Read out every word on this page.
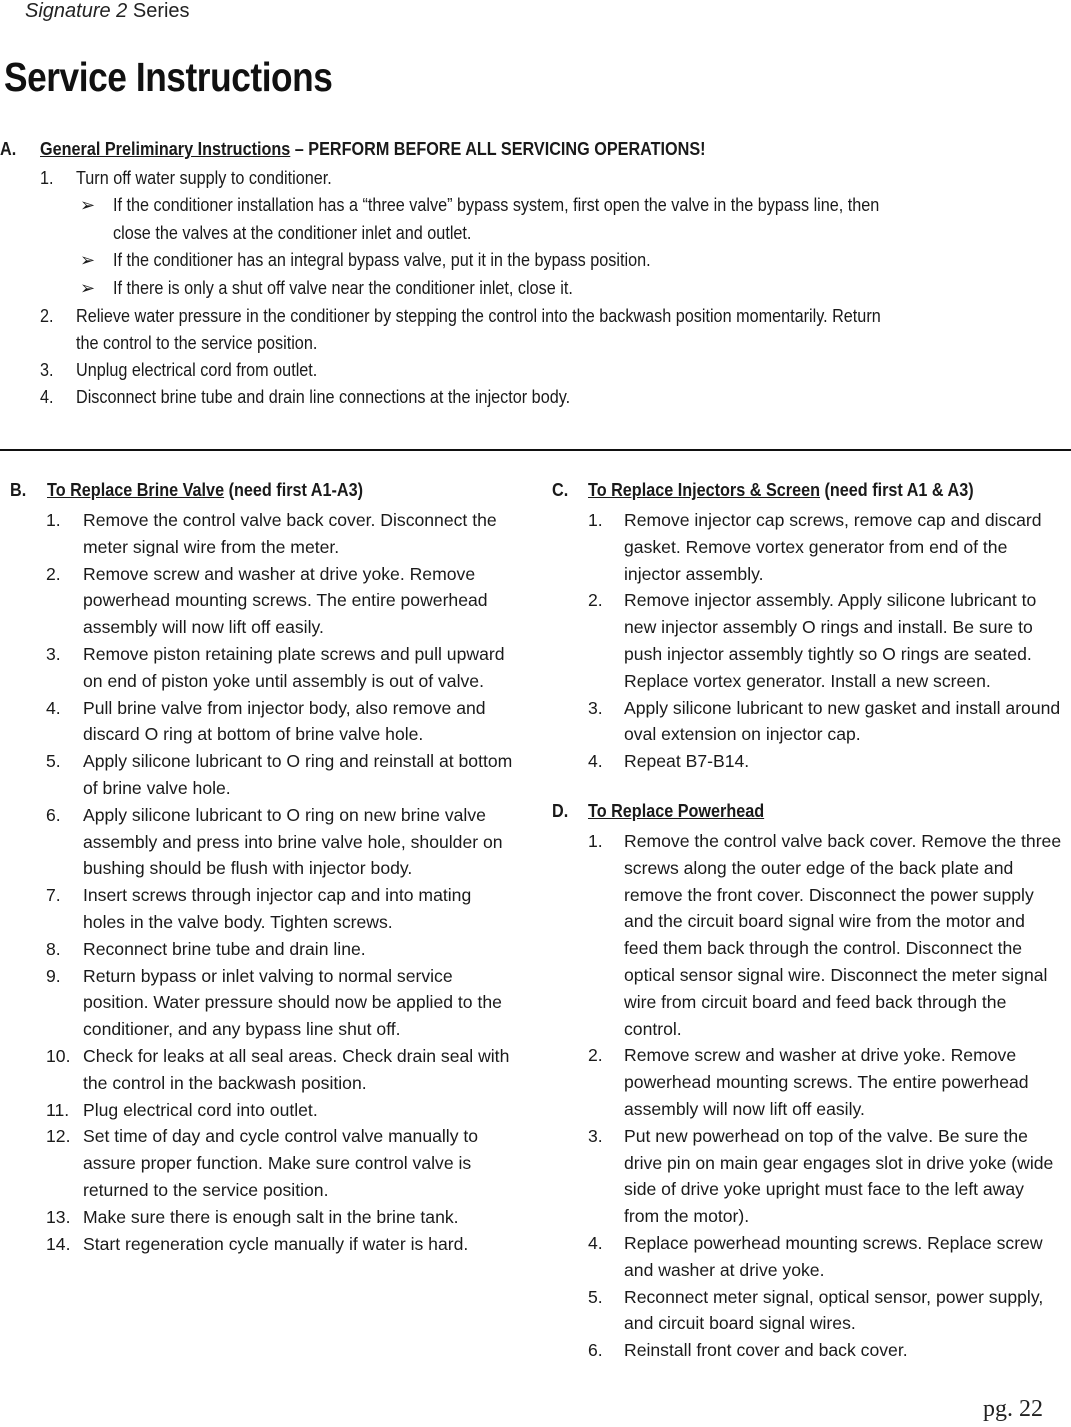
Signature 2 Series
Service Instructions
A. General Preliminary Instructions – PERFORM BEFORE ALL SERVICING OPERATIONS!
1. Turn off water supply to conditioner.
➢ If the conditioner installation has a “three valve” bypass system, first open the valve in the bypass line, then
close the valves at the conditioner inlet and outlet.
➢ If the conditioner has an integral bypass valve, put it in the bypass position.
➢ If there is only a shut off valve near the conditioner inlet, close it.
2. Relieve water pressure in the conditioner by stepping the control into the backwash position momentarily. Return
the control to the service position.
3. Unplug electrical cord from outlet.
4. Disconnect brine tube and drain line connections at the injector body.
B. To Replace Brine Valve (need first A1-A3)
1. Remove the control valve back cover. Disconnect the meter signal wire from the meter.
2. Remove screw and washer at drive yoke. Remove powerhead mounting screws. The entire powerhead assembly will now lift off easily.
3. Remove piston retaining plate screws and pull upward on end of piston yoke until assembly is out of valve.
4. Pull brine valve from injector body, also remove and discard O ring at bottom of brine valve hole.
5. Apply silicone lubricant to O ring and reinstall at bottom of brine valve hole.
6. Apply silicone lubricant to O ring on new brine valve assembly and press into brine valve hole, shoulder on bushing should be flush with injector body.
7. Insert screws through injector cap and into mating holes in the valve body. Tighten screws.
8. Reconnect brine tube and drain line.
9. Return bypass or inlet valving to normal service position. Water pressure should now be applied to the conditioner, and any bypass line shut off.
10. Check for leaks at all seal areas. Check drain seal with the control in the backwash position.
11. Plug electrical cord into outlet.
12. Set time of day and cycle control valve manually to assure proper function. Make sure control valve is returned to the service position.
13. Make sure there is enough salt in the brine tank.
14. Start regeneration cycle manually if water is hard.
C. To Replace Injectors & Screen (need first A1 & A3)
1. Remove injector cap screws, remove cap and discard gasket. Remove vortex generator from end of the injector assembly.
2. Remove injector assembly. Apply silicone lubricant to new injector assembly O rings and install. Be sure to push injector assembly tightly so O rings are seated. Replace vortex generator. Install a new screen.
3. Apply silicone lubricant to new gasket and install around oval extension on injector cap.
4. Repeat B7-B14.
D. To Replace Powerhead
1. Remove the control valve back cover. Remove the three screws along the outer edge of the back plate and remove the front cover. Disconnect the power supply and the circuit board signal wire from the motor and feed them back through the control. Disconnect the optical sensor signal wire. Disconnect the meter signal wire from circuit board and feed back through the control.
2. Remove screw and washer at drive yoke. Remove powerhead mounting screws. The entire powerhead assembly will now lift off easily.
3. Put new powerhead on top of the valve. Be sure the drive pin on main gear engages slot in drive yoke (wide side of drive yoke upright must face to the left away from the motor).
4. Replace powerhead mounting screws. Replace screw and washer at drive yoke.
5. Reconnect meter signal, optical sensor, power supply, and circuit board signal wires.
6. Reinstall front cover and back cover.
pg. 22
